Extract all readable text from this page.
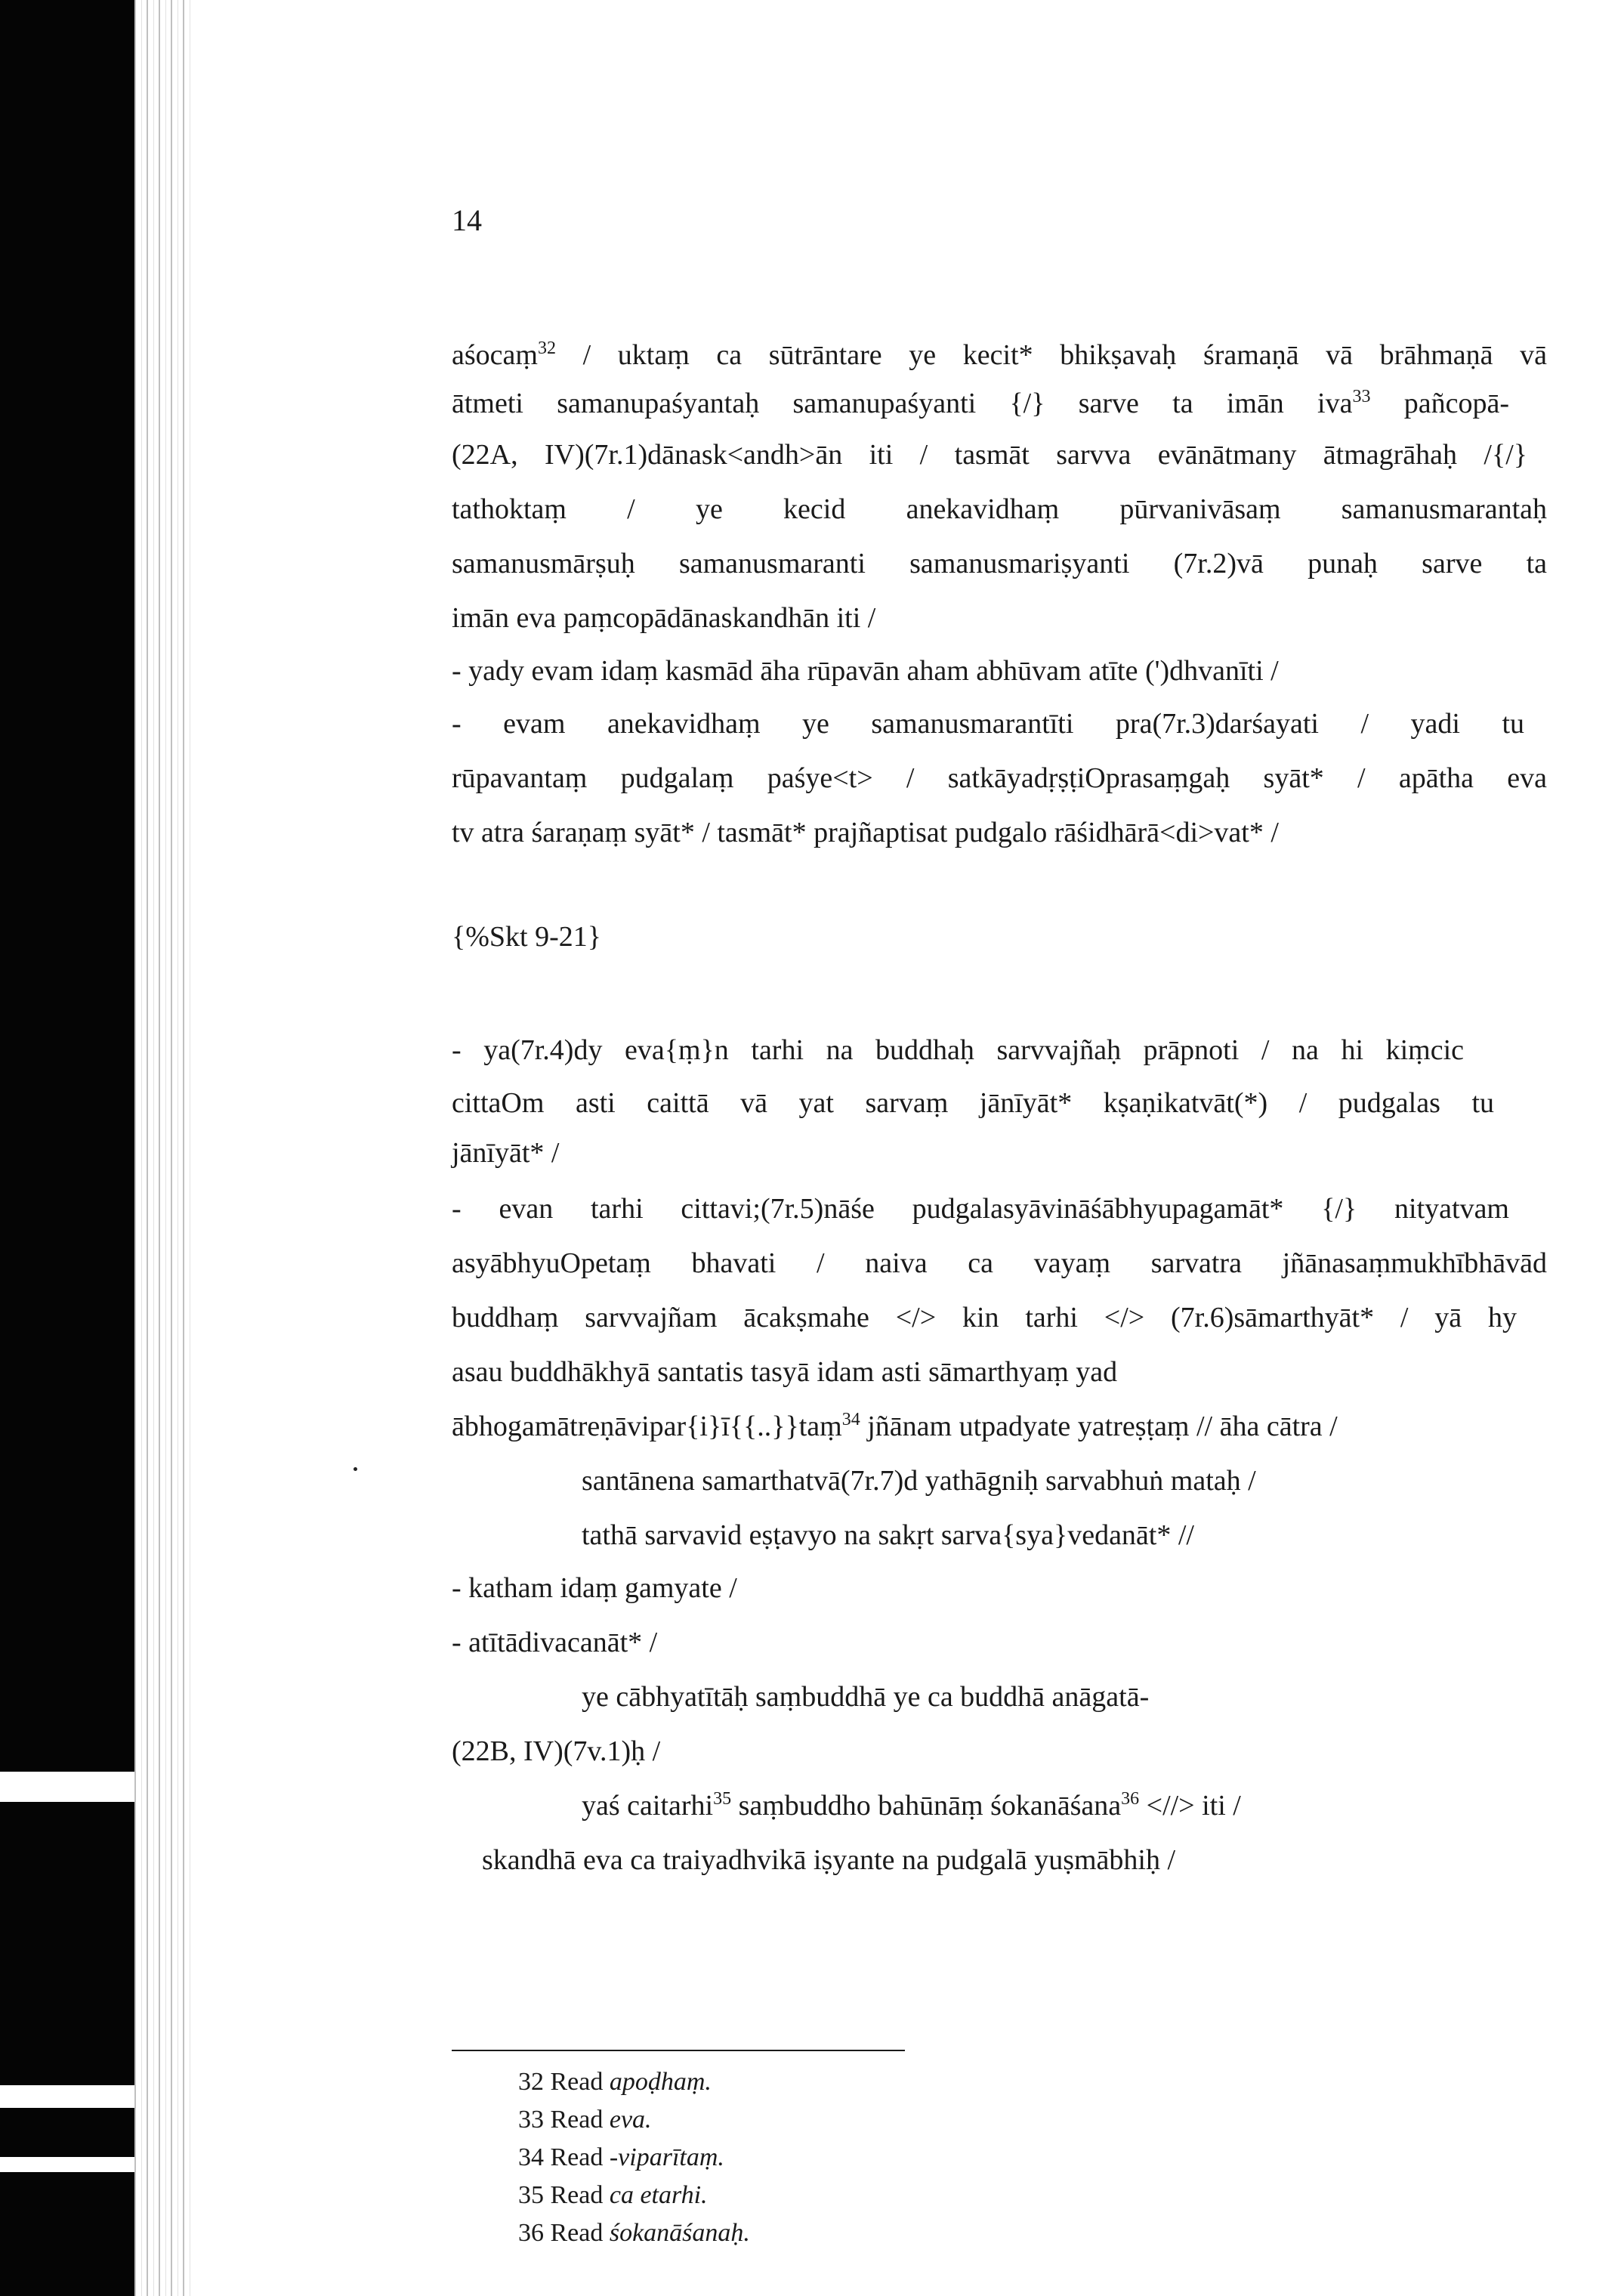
14
aśocaṃ$^{32}$ / uktaṃ ca sūtrāntare ye kecit* bhikṣavaḥ śramaṇā vā brāhmaṇā vā
ātmeti samanupaśyantaḥ samanupaśyanti {/} sarve ta imān iva$^{33}$ pañcopā-
(22A, IV)(7r.1)dānask<andh>ān iti / tasmāt sarvva evānātmany ātmagrāhaḥ /{/}
tathoktaṃ / ye kecid anekavidhaṃ pūrvanivāsaṃ samanusmarantaḥ
samanusmārṣuḥ samanusmaranti samanusmariṣyanti (7r.2)vā punaḥ sarve ta
imān eva paṃcopādānaskandhān iti /
- yady evam idaṃ kasmād āha rūpavān aham abhūvam atīte (')dhvanīti /
- evam anekavidhaṃ ye samanusmarantīti pra(7r.3)darśayati / yadi tu
rūpavantaṃ pudgalaṃ paśye<t> / satkāyadṛṣṭiOprasaṃgaḥ syāt* / apātha eva
tv atra śaraṇaṃ syāt* / tasmāt* prajñaptisat pudgalo rāśidhārā<di>vat* /
{%Skt 9-21}
- ya(7r.4)dy eva{ṃ}n tarhi na buddhaḥ sarvvajñaḥ prāpnoti / na hi kiṃcic
cittaOm asti caittā vā yat sarvaṃ jānīyāt* kṣaṇikatvāt(*) / pudgalas tu
jānīyāt* /
- evan tarhi cittavi;(7r.5)nāśe pudgalasyāvināśābhyupagamāt* {/} nityatvam
asyābhyuOpetaṃ bhavati / naiva ca vayaṃ sarvatra jñānasaṃmukhībhāvād
buddhaṃ sarvvajñam ācakṣmahe </> kin tarhi </> (7r.6)sāmarthyāt* / yā hy
asau buddhākhyā santatis tasyā idam asti sāmarthyaṃ yad
ābhogamātreṇāvipar{i}ī{{..}}taṃ$^{34}$ jñānam utpadyate yatreṣṭaṃ // āha cātra /
santānena samarthatvā(7r.7)d yathāgniḥ sarvabhuṅ mataḥ /
tathā sarvavid eṣṭavyo na sakṛt sarva{sya}vedanāt* //
- katham idaṃ gamyate /
- atītādivacanāt* /
ye cābhyatītāḥ saṃbuddhā ye ca buddhā anāgatā-
(22B, IV)(7v.1)ḥ /
yaś caitarhi$^{35}$ saṃbuddho bahūnāṃ śokanāśana$^{36}$ <//> iti /
skandhā eva ca traiyadhvikā iṣyante na pudgalā yuṣmābhiḥ /
32 Read apoḍhaṃ.
33 Read eva.
34 Read -viparītaṃ.
35 Read ca etarhi.
36 Read śokanāśanaḥ.
